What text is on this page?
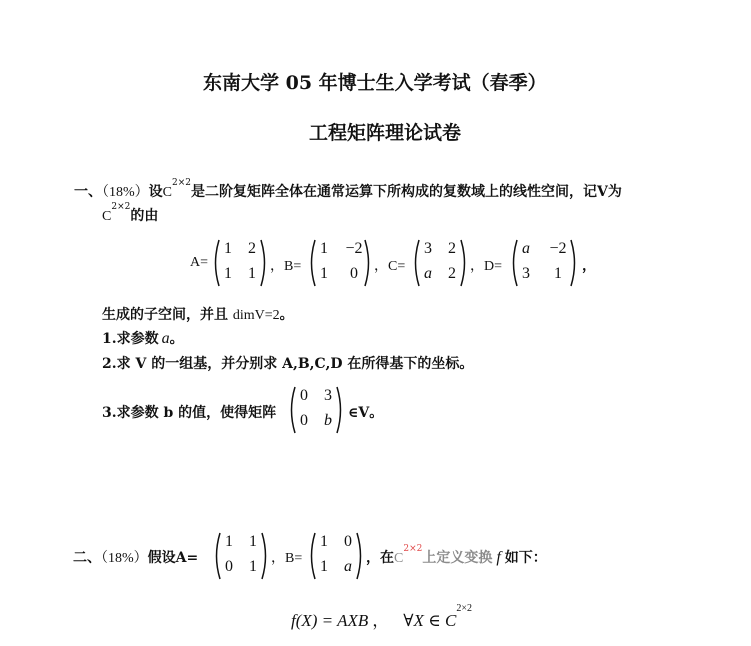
东南大学 05 年博士生入学考试（春季）
工程矩阵理论试卷
一、（18%）设$C^{2\times 2}$是二阶复矩阵全体在通常运算下所构成的复数域上的线性空间，记V为
$C^{2\times 2}$的由
A=
1	2
1	1	，B=
1	−2
1	0	，C=
3	2
a	2	，D=
a	−2
3	1	，
生成的子空间，并且 dimV=2。
1.求参数 a。
2.求 V 的一组基，并分别求 A,B,C,D 在所得基下的坐标。
3.求参数 b 的值，使得矩阵
0	3
0	b	∈V。
二、（18%）假设A=
1	1
0	1	，B=
1	0
1	a	，在$C^{2\times 2}$上定义变换 f 如下：
f(X) = AXB ， ∀X ∈ $C^{2\times 2}$
